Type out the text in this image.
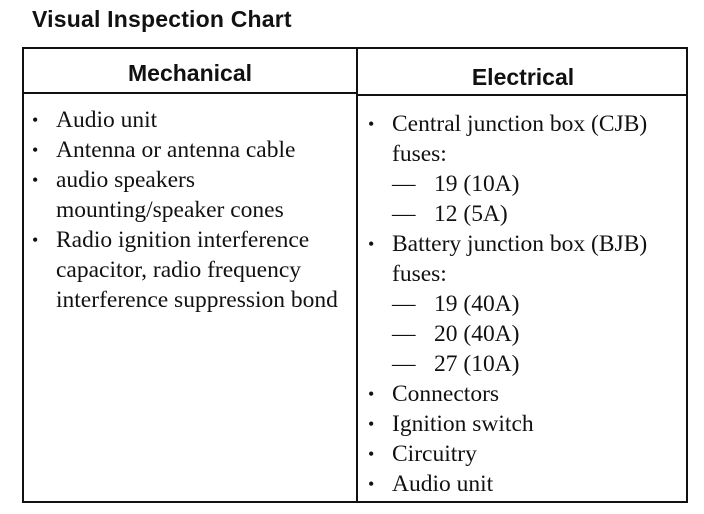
Visual Inspection Chart
Mechanical	Electrical
• Audio unit
• Antenna or antenna cable
• audio speakers mounting/speaker cones
• Radio ignition interference capacitor, radio frequency interference suppression bond
• Central junction box (CJB) fuses:
— 19 (10A)
— 12 (5A)
• Battery junction box (BJB) fuses:
— 19 (40A)
— 20 (40A)
— 27 (10A)
• Connectors
• Ignition switch
• Circuitry
• Audio unit
